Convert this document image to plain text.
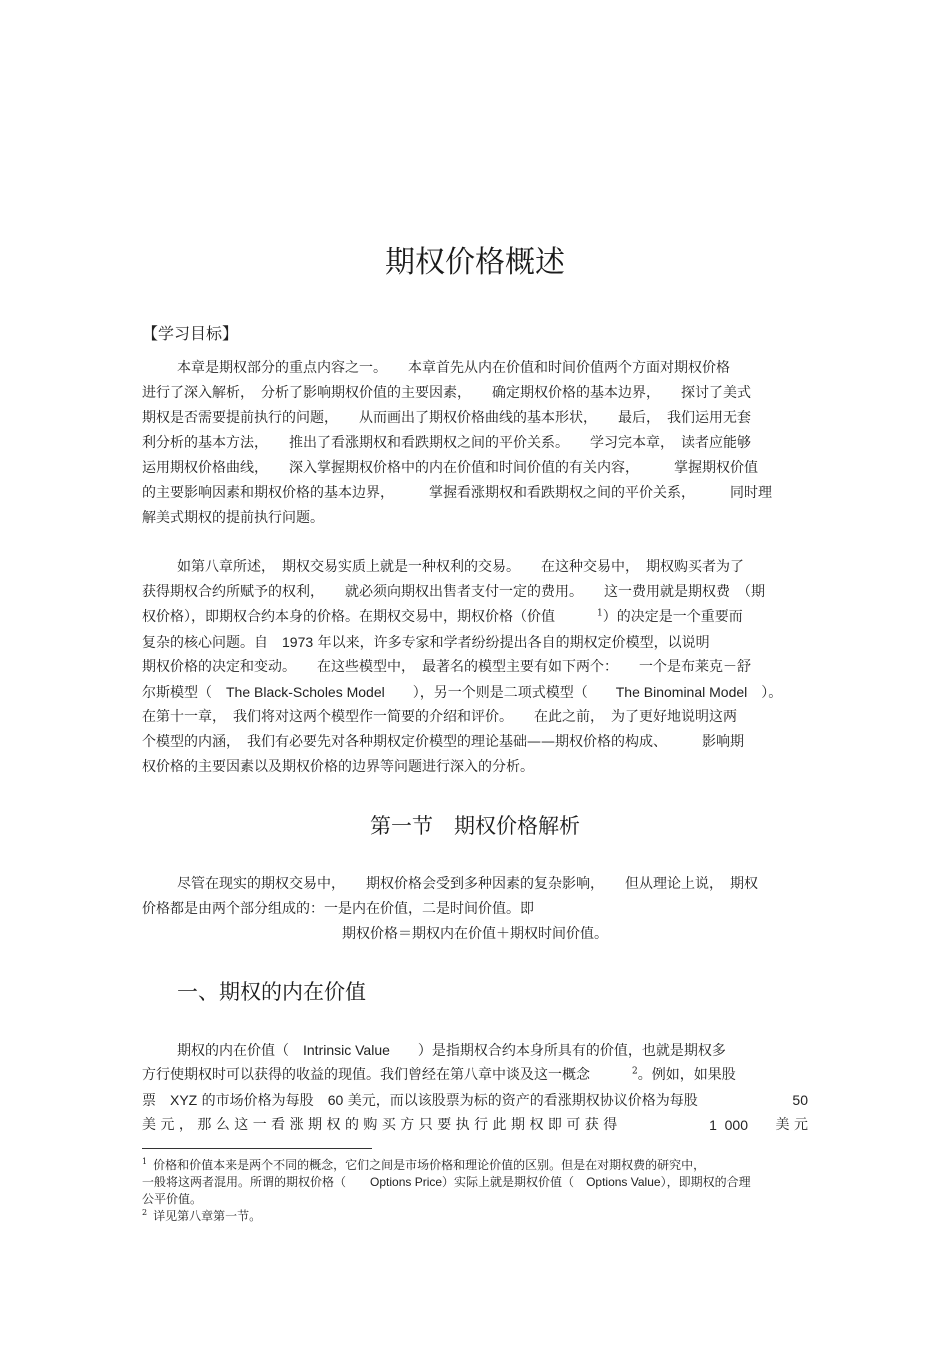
期权价格概述
【学习目标】
本章是期权部分的重点内容之一。　　本章首先从内在价值和时间价值两个方面对期权价格
进行了深入解析，　分析了影响期权价值的主要因素，　　确定期权价格的基本边界，　　探讨了美式
期权是否需要提前执行的问题，　　从而画出了期权价格曲线的基本形状，　　最后，　我们运用无套
利分析的基本方法，　　推出了看涨期权和看跌期权之间的平价关系。　　学习完本章，　读者应能够
运用期权价格曲线，　　深入掌握期权价格中的内在价值和时间价值的有关内容，　　　掌握期权价值
的主要影响因素和期权价格的基本边界，　　　掌握看涨期权和看跌期权之间的平价关系，　　　同时理
解美式期权的提前执行问题。
如第八章所述，　期权交易实质上就是一种权利的交易。　　在这种交易中，　期权购买者为了
获得期权合约所赋予的权利，　　就必须向期权出售者支付一定的费用。　　这一费用就是期权费　（期
权价格），即期权合约本身的价格。在期权交易中，期权价格（价值　　　$^1$）的决定是一个重要而
复杂的核心问题。自　1973 年以来，许多专家和学者纷纷提出各自的期权定价模型，以说明
期权价格的决定和变动。　　在这些模型中，　最著名的模型主要有如下两个：　　一个是布莱克－舒
尔斯模型（　The Black-Scholes Model　　），另一个则是二项式模型（　　The Binominal Model　）。
在第十一章，　我们将对这两个模型作一简要的介绍和评价。　　在此之前，　为了更好地说明这两
个模型的内涵，　我们有必要先对各种期权定价模型的理论基础——期权价格的构成、　　　影响期
权价格的主要因素以及期权价格的边界等问题进行深入的分析。
第一节　期权价格解析
尽管在现实的期权交易中，　　期权价格会受到多种因素的复杂影响，　　但从理论上说，　期权
价格都是由两个部分组成的：一是内在价值，二是时间价值。即
期权价格＝期权内在价值＋期权时间价值。
一、期权的内在价值
期权的内在价值（　Intrinsic Value　　）是指期权合约本身所具有的价值，也就是期权多
方行使期权时可以获得的收益的现值。我们曾经在第八章中谈及这一概念　　　$^2$。例如，如果股
票　XYZ 的市场价格为每股　60 美元，而以该股票为标的资产的看涨期权协议价格为每股	50
美 元 ， 那 么 这 一 看 涨 期 权 的 购 买 方 只 要 执 行 此 期 权 即 可 获 得	1  000 美 元
$^1$ 价格和价值本来是两个不同的概念，它们之间是市场价格和理论价值的区别。但是在对期权费的研究中，
一般将这两者混用。所谓的期权价格（　　Options Price）实际上就是期权价值（　Options Value），即期权的合理
公平价值。
$^2$ 详见第八章第一节。
